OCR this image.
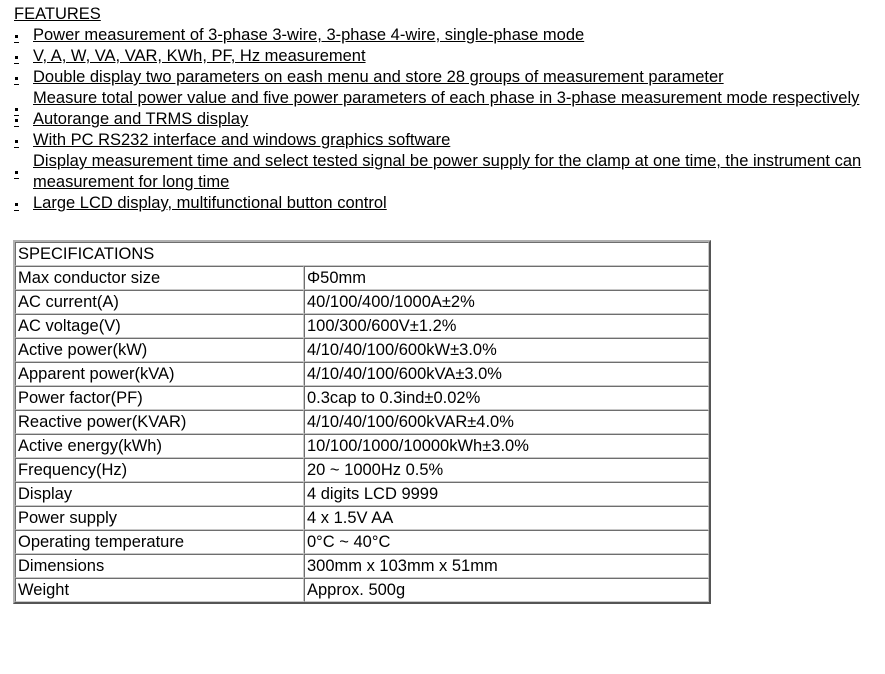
FEATURES
Power measurement of 3-phase 3-wire, 3-phase 4-wire, single-phase mode
V, A, W, VA, VAR, KWh, PF, Hz measurement
Double display two parameters on eash menu and store 28 groups of measurement parameter
Measure total power value and five power parameters of each phase in 3-phase measurement mode respectively
Autorange and TRMS display
With PC RS232 interface and windows graphics software
Display measurement time and select tested signal be power supply for the clamp at one time, the instrument can measurement for long time
Large LCD display, multifunctional button control
SPECIFICATIONS	
Max conductor size	Φ50mm
AC current(A)	40/100/400/1000A±2%
AC voltage(V)	100/300/600V±1.2%
Active power(kW)	4/10/40/100/600kW±3.0%
Apparent power(kVA)	4/10/40/100/600kVA±3.0%
Power factor(PF)	0.3cap to 0.3ind±0.02%
Reactive power(KVAR)	4/10/40/100/600kVAR±4.0%
Active energy(kWh)	10/100/1000/10000kWh±3.0%
Frequency(Hz)	20 ~ 1000Hz 0.5%
Display	4 digits LCD 9999
Power supply	4 x 1.5V AA
Operating temperature	0°C ~ 40°C
Dimensions	300mm x 103mm x 51mm
Weight	Approx. 500g
